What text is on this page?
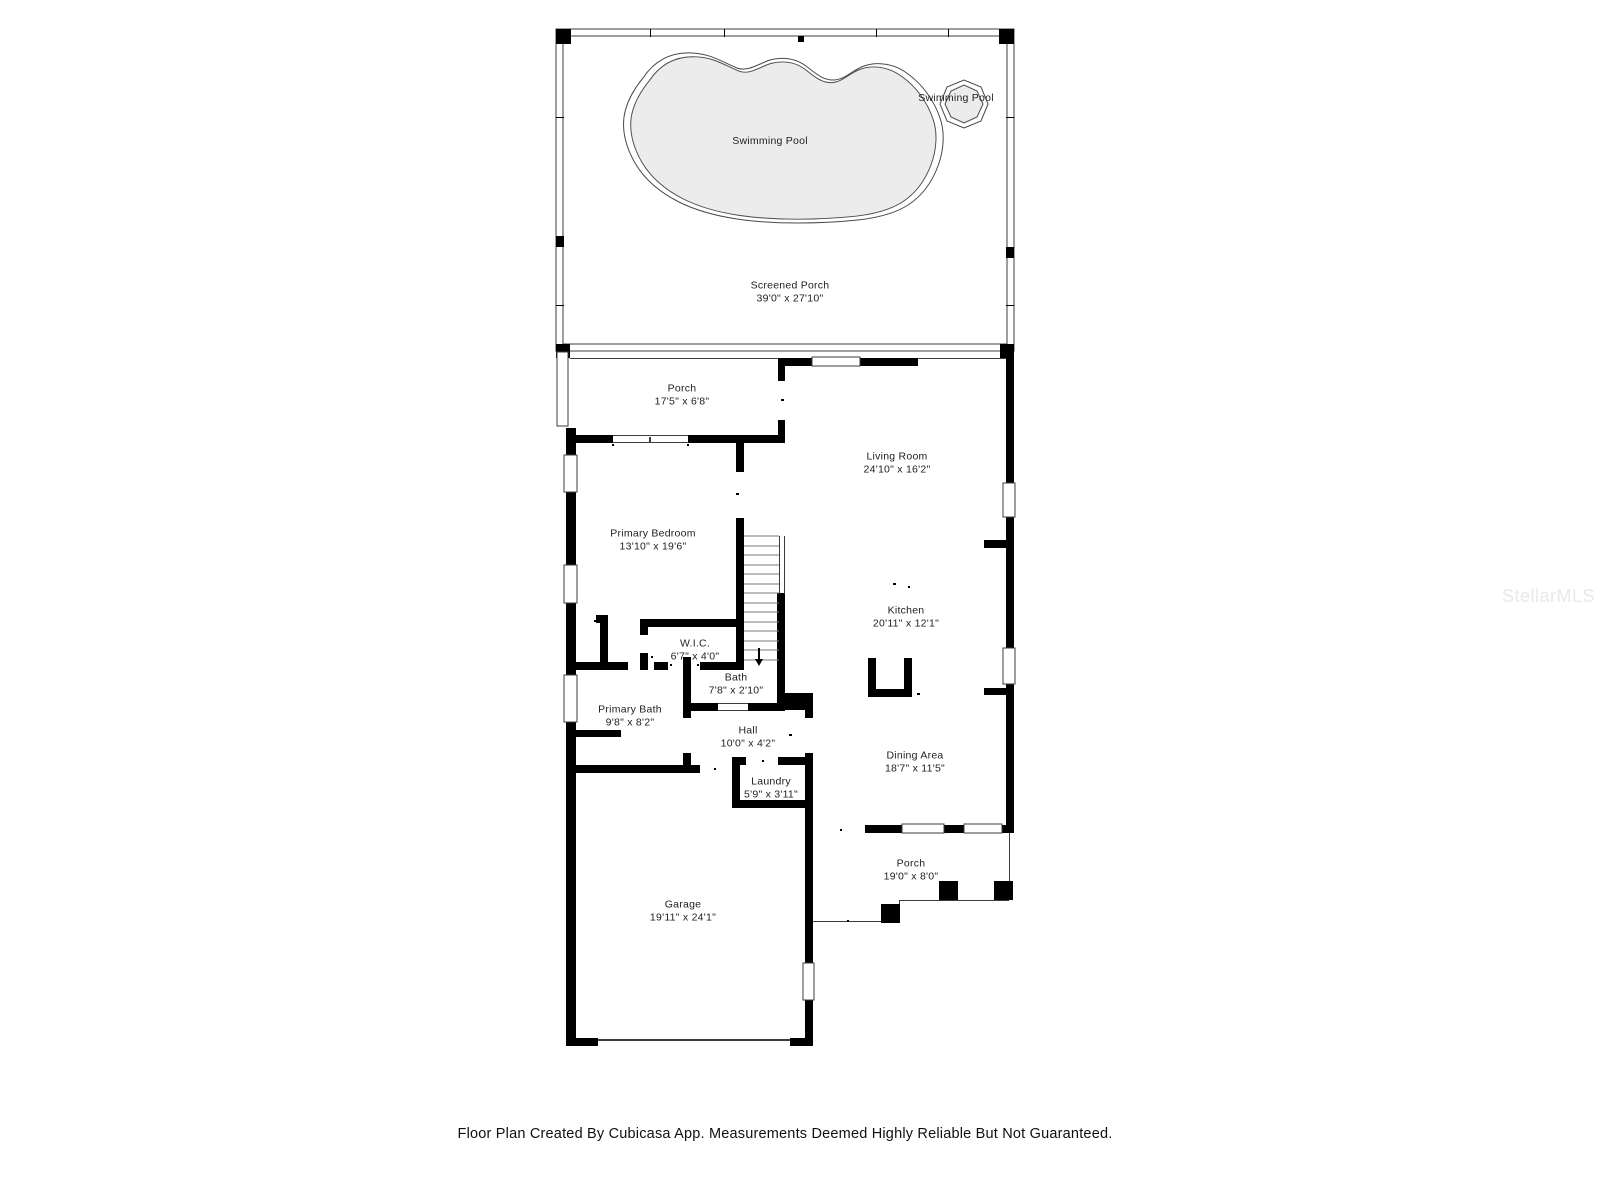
Screened Porch
39'0" x 27'10"
Swimming Pool
Swimming Pool
Porch
17'5" x 6'8"
Living Room
24'10" x 16'2"
Primary Bedroom
13'10" x 19'6"
Kitchen
20'11" x 12'1"
W.I.C.
6'7" x 4'0"
Bath
7'8" x 2'10"
Primary Bath
9'8" x 8'2"
Hall
10'0" x 4'2"
Laundry
5'9" x 3'11"
Dining Area
18'7" x 11'5"
Garage
19'11" x 24'1"
Porch
19'0" x 8'0"
StellarMLS
Floor Plan Created By Cubicasa App. Measurements Deemed Highly Reliable But Not Guaranteed.
